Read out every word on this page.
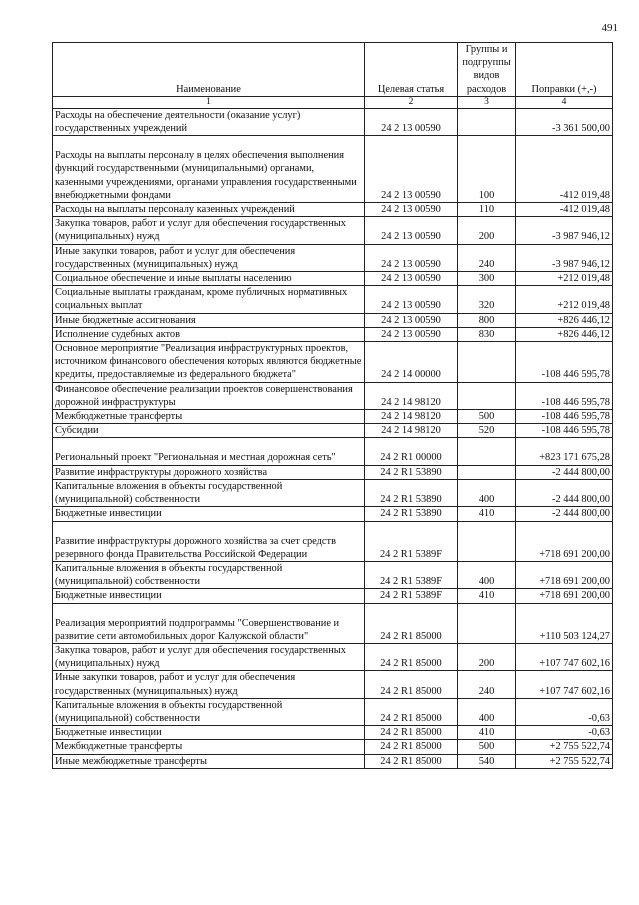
491
Наименование	Целевая статья	Группы и подгруппы видов расходов	Поправки (+,-)
1	2	3	4
Расходы на обеспечение деятельности (оказание услуг) государственных учреждений	24 2 13 00590		-3 361 500,00
Расходы на выплаты персоналу в целях обеспечения выполнения функций государственными (муниципальными) органами, казенными учреждениями, органами управления государственными внебюджетными фондами	24 2 13 00590	100	-412 019,48
Расходы на выплаты персоналу казенных учреждений	24 2 13 00590	110	-412 019,48
Закупка товаров, работ и услуг для обеспечения государственных (муниципальных) нужд	24 2 13 00590	200	-3 987 946,12
Иные закупки товаров, работ и услуг для обеспечения государственных (муниципальных) нужд	24 2 13 00590	240	-3 987 946,12
Социальное обеспечение и иные выплаты населению	24 2 13 00590	300	+212 019,48
Социальные выплаты гражданам, кроме публичных нормативных социальных выплат	24 2 13 00590	320	+212 019,48
Иные бюджетные ассигнования	24 2 13 00590	800	+826 446,12
Исполнение судебных актов	24 2 13 00590	830	+826 446,12
Основное мероприятие "Реализация инфраструктурных проектов, источником финансового обеспечения которых являются бюджетные кредиты, предоставляемые из федерального бюджета"	24 2 14 00000		-108 446 595,78
Финансовое обеспечение реализации проектов совершенствования дорожной инфраструктуры	24 2 14 98120		-108 446 595,78
Межбюджетные трансферты	24 2 14 98120	500	-108 446 595,78
Субсидии	24 2 14 98120	520	-108 446 595,78
Региональный проект "Региональная и местная дорожная сеть"	24 2 R1 00000		+823 171 675,28
Развитие инфраструктуры дорожного хозяйства	24 2 R1 53890		-2 444 800,00
Капитальные вложения в объекты государственной (муниципальной) собственности	24 2 R1 53890	400	-2 444 800,00
Бюджетные инвестиции	24 2 R1 53890	410	-2 444 800,00
Развитие инфраструктуры дорожного хозяйства за счет средств резервного фонда Правительства Российской Федерации	24 2 R1 5389F		+718 691 200,00
Капитальные вложения в объекты государственной (муниципальной) собственности	24 2 R1 5389F	400	+718 691 200,00
Бюджетные инвестиции	24 2 R1 5389F	410	+718 691 200,00
Реализация мероприятий подпрограммы "Совершенствование и развитие сети автомобильных дорог Калужской области"	24 2 R1 85000		+110 503 124,27
Закупка товаров, работ и услуг для обеспечения государственных (муниципальных) нужд	24 2 R1 85000	200	+107 747 602,16
Иные закупки товаров, работ и услуг для обеспечения государственных (муниципальных) нужд	24 2 R1 85000	240	+107 747 602,16
Капитальные вложения в объекты государственной (муниципальной) собственности	24 2 R1 85000	400	-0,63
Бюджетные инвестиции	24 2 R1 85000	410	-0,63
Межбюджетные трансферты	24 2 R1 85000	500	+2 755 522,74
Иные межбюджетные трансферты	24 2 R1 85000	540	+2 755 522,74
